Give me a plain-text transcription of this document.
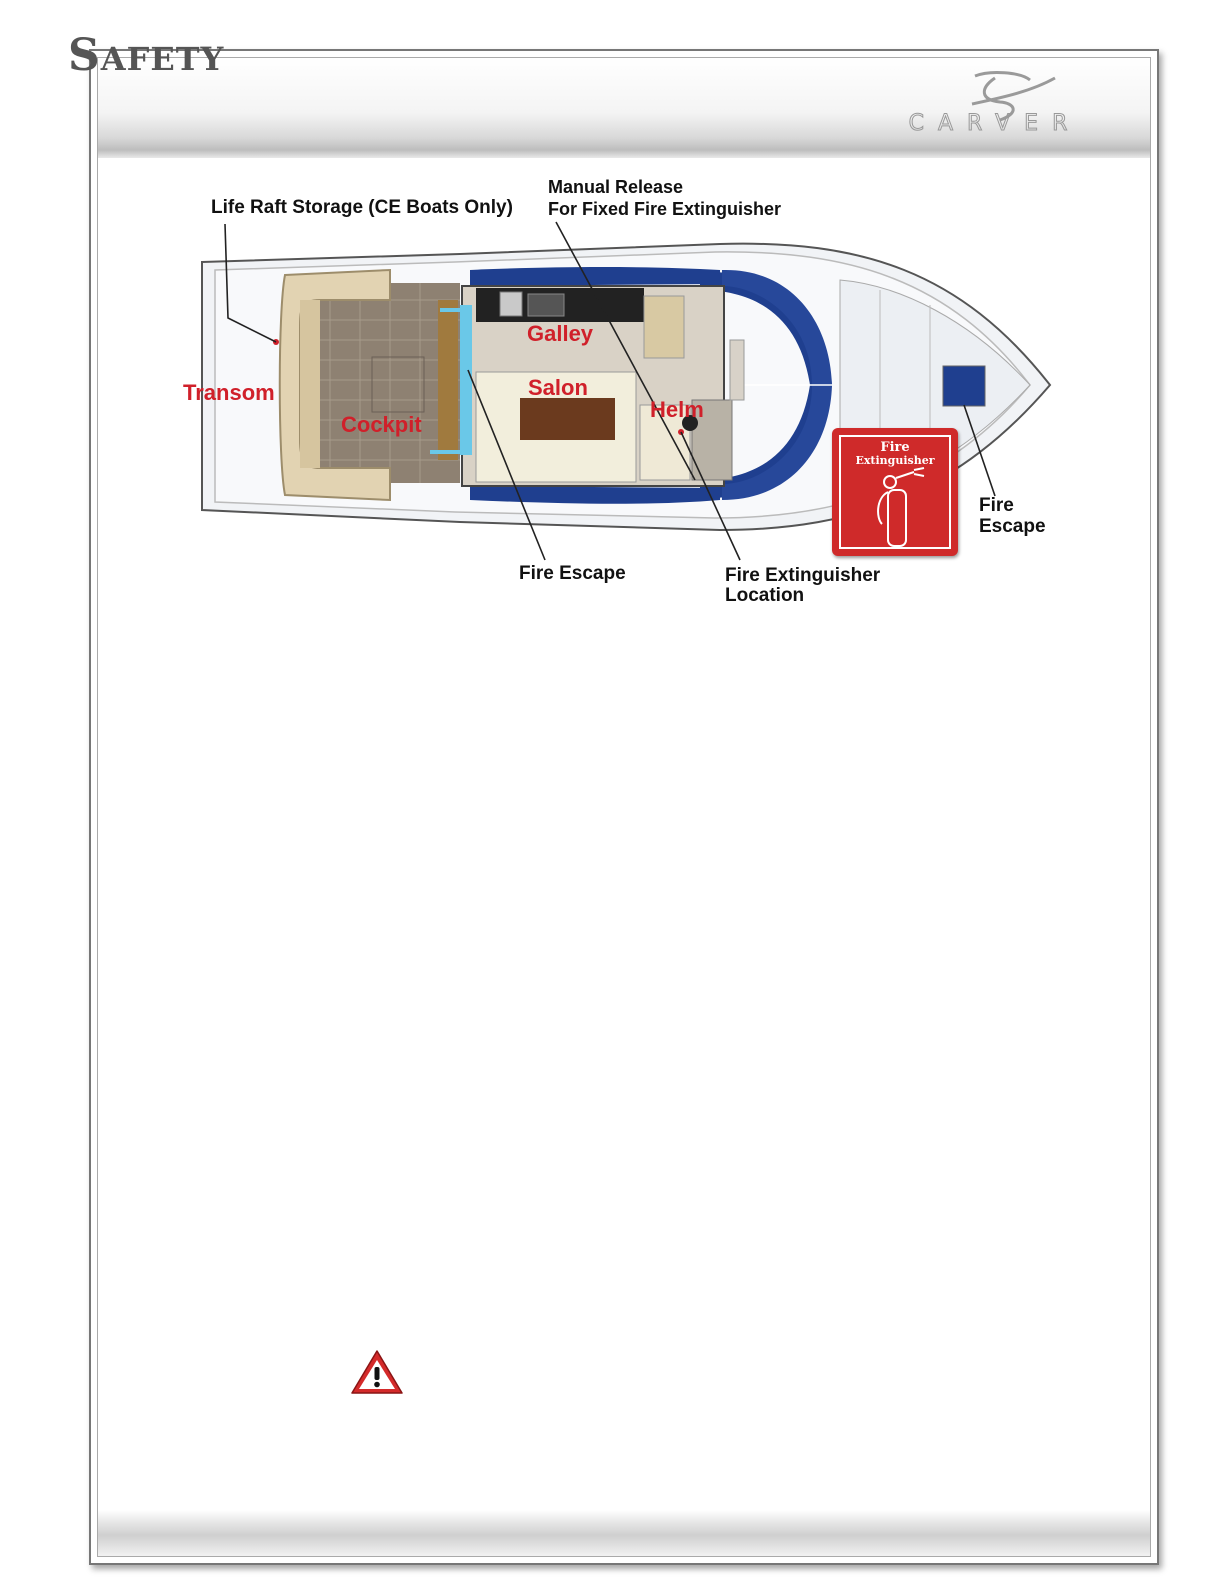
SAFETY
CARVER
Life Raft Storage (CE Boats Only)
Manual Release
For Fixed Fire Extinguisher
Fire Escape	Fire Extinguisher
Location
Fire
Escape
Transom
Cockpit
Galley
Salon
Helm
Fire
Extinguisher
